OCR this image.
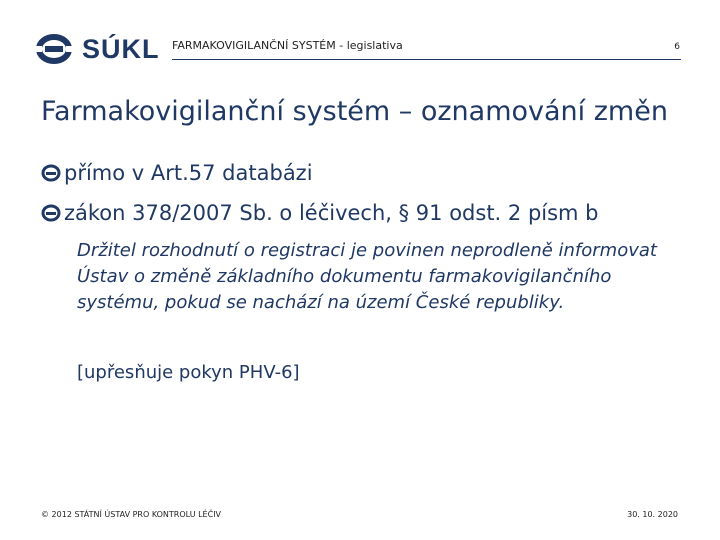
SÚKL FARMAKOVIGILANČNÍ SYSTÉM - legislativa	6
Farmakovigilanční systém – oznamování změn
přímo v Art.57 databázi
zákon 378/2007 Sb. o léčivech, § 91 odst. 2 písm b
Držitel rozhodnutí o registraci je povinen neprodleně informovat Ústav o změně základního dokumentu farmakovigilančního systému, pokud se nachází na území České republiky.
[upřesňuje pokyn PHV-6]
© 2012 STÁTNÍ ÚSTAV PRO KONTROLU LÉČIV	30. 10. 2020
